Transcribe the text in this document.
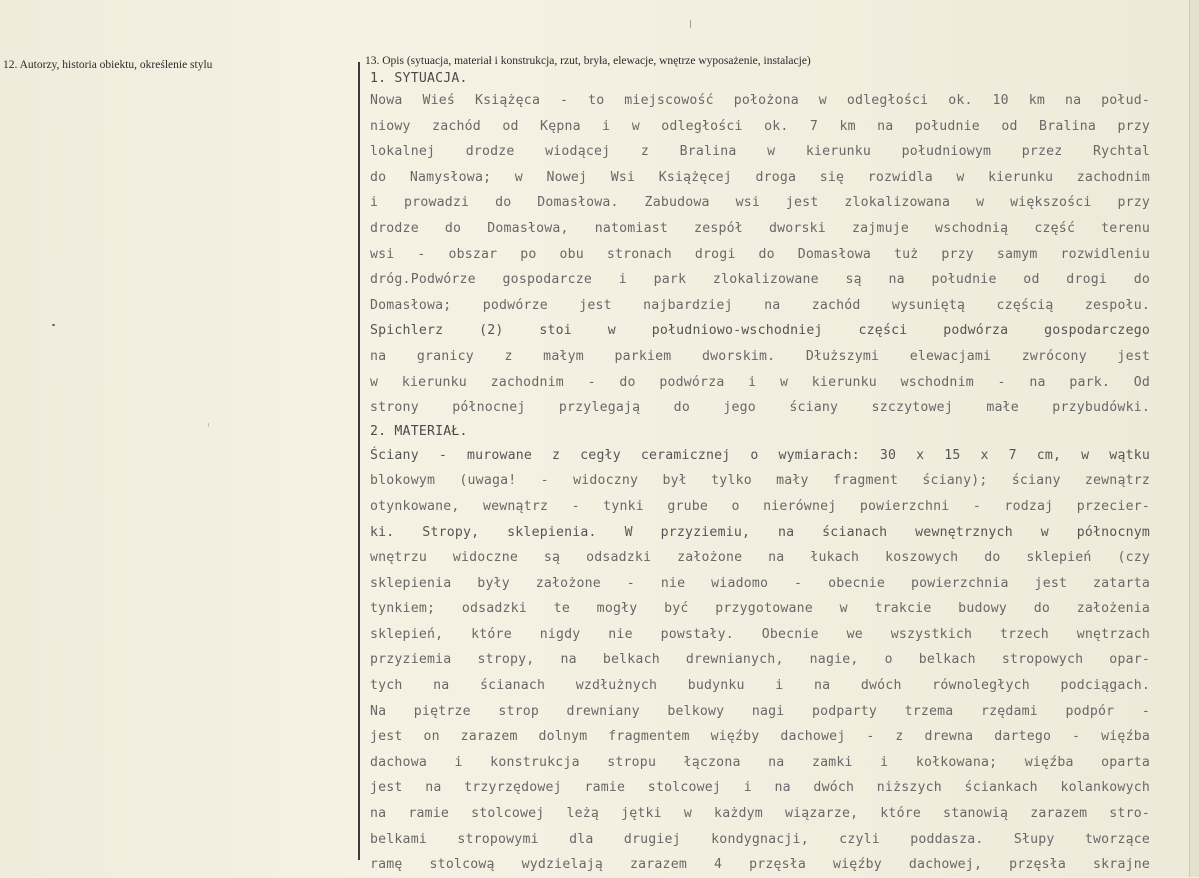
12. Autorzy, historia obiektu, określenie stylu	13. Opis (sytuacja, materiał i konstrukcja, rzut, bryła, elewacje, wnętrze wyposażenie, instalacje)
1. SYTUACJA.
Nowa Wieś Książęca - to miejscowość położona w odległości ok. 10 km na połud-
niowy zachód od Kępna i w odległości ok. 7 km na południe od Bralina przy
lokalnej drodze wiodącej z Bralina w kierunku południowym przez Rychtal
do Namysłowa; w Nowej Wsi Książęcej droga się rozwidla w kierunku zachodnim
i prowadzi do Domasłowa. Zabudowa wsi jest zlokalizowana w większości przy
drodze do Domasłowa, natomiast zespół dworski zajmuje wschodnią część terenu
wsi - obszar po obu stronach drogi do Domasłowa tuż przy samym rozwidleniu
dróg.Podwórze gospodarcze i park zlokalizowane są na południe od drogi do
Domasłowa; podwórze jest najbardziej na zachód wysuniętą częścią zespołu.
Spichlerz (2) stoi w południowo-wschodniej części podwórza gospodarczego
na granicy z małym parkiem dworskim. Dłuższymi elewacjami zwrócony jest
w kierunku zachodnim - do podwórza i w kierunku wschodnim - na park. Od
strony północnej przylegają do jego ściany szczytowej małe przybudówki.
2. MATERIAŁ.
Ściany - murowane z cegły ceramicznej o wymiarach: 30 x 15 x 7 cm, w wątku
blokowym (uwaga! - widoczny był tylko mały fragment ściany); ściany zewnątrz
otynkowane, wewnątrz - tynki grube o nierównej powierzchni - rodzaj przecier-
ki. Stropy, sklepienia. W przyziemiu, na ścianach wewnętrznych w północnym
wnętrzu widoczne są odsadzki założone na łukach koszowych do sklepień (czy
sklepienia były założone - nie wiadomo - obecnie powierzchnia jest zatarta
tynkiem; odsadzki te mogły być przygotowane w trakcie budowy do założenia
sklepień, które nigdy nie powstały. Obecnie we wszystkich trzech wnętrzach
przyziemia stropy, na belkach drewnianych, nagie, o belkach stropowych opar-
tych na ścianach wzdłużnych budynku i na dwóch równoległych podciągach.
Na piętrze strop drewniany belkowy nagi podparty trzema rzędami podpór -
jest on zarazem dolnym fragmentem więźby dachowej - z drewna dartego - więźba
dachowa i konstrukcja stropu łączona na zamki i kołkowana; więźba oparta
jest na trzyrzędowej ramie stolcowej i na dwóch niższych ściankach kolankowych
na ramie stolcowej leżą jętki w każdym wiązarze, które stanowią zarazem stro-
belkami stropowymi dla drugiej kondygnacji, czyli poddasza. Słupy tworzące
ramę stolcową wydzielają zarazem 4 przęsła więźby dachowej, przęsła skrajne
